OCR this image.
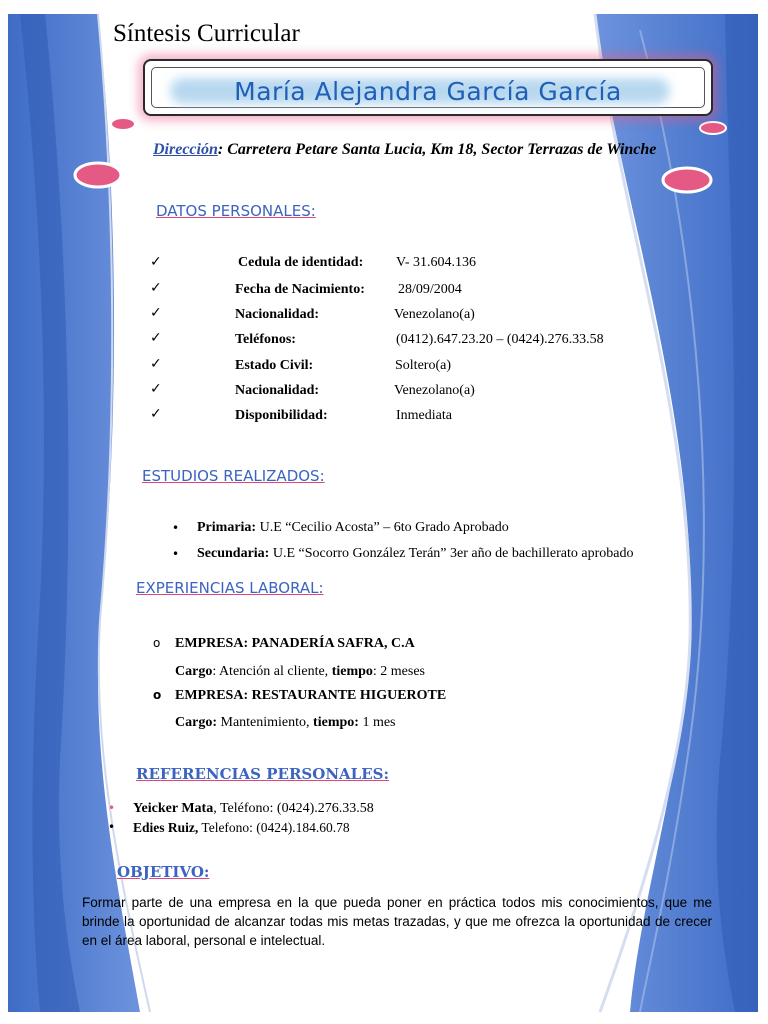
Síntesis Curricular
María Alejandra García García
Dirección: Carretera Petare Santa Lucia, Km 18, Sector Terrazas de Winche
DATOS PERSONALES:
✓	Cedula de identidad: V- 31.604.136
✓	Fecha de Nacimiento: 28/09/2004
✓	Nacionalidad:	Venezolano(a)
✓	Teléfonos:	(0412).647.23.20 – (0424).276.33.58
✓	Estado Civil:	Soltero(a)
✓	Nacionalidad:	Venezolano(a)
✓	Disponibilidad:	Inmediata
ESTUDIOS REALIZADOS:
• Primaria: U.E “Cecilio Acosta” – 6to Grado Aprobado
• Secundaria: U.E “Socorro González Terán” 3er año de bachillerato aprobado
EXPERIENCIAS LABORAL:
o EMPRESA: PANADERÍA SAFRA, C.A
Cargo: Atención al cliente, tiempo: 2 meses
o EMPRESA: RESTAURANTE HIGUEROTE
Cargo: Mantenimiento, tiempo: 1 mes
REFERENCIAS PERSONALES:
• Yeicker Mata, Teléfono: (0424).276.33.58
• Edies Ruiz, Telefono: (0424).184.60.78
OBJETIVO:
Formar parte de una empresa en la que pueda poner en práctica todos mis conocimientos, que me brinde la oportunidad de alcanzar todas mis metas trazadas, y que me ofrezca la oportunidad de crecer en el área laboral, personal e intelectual.
